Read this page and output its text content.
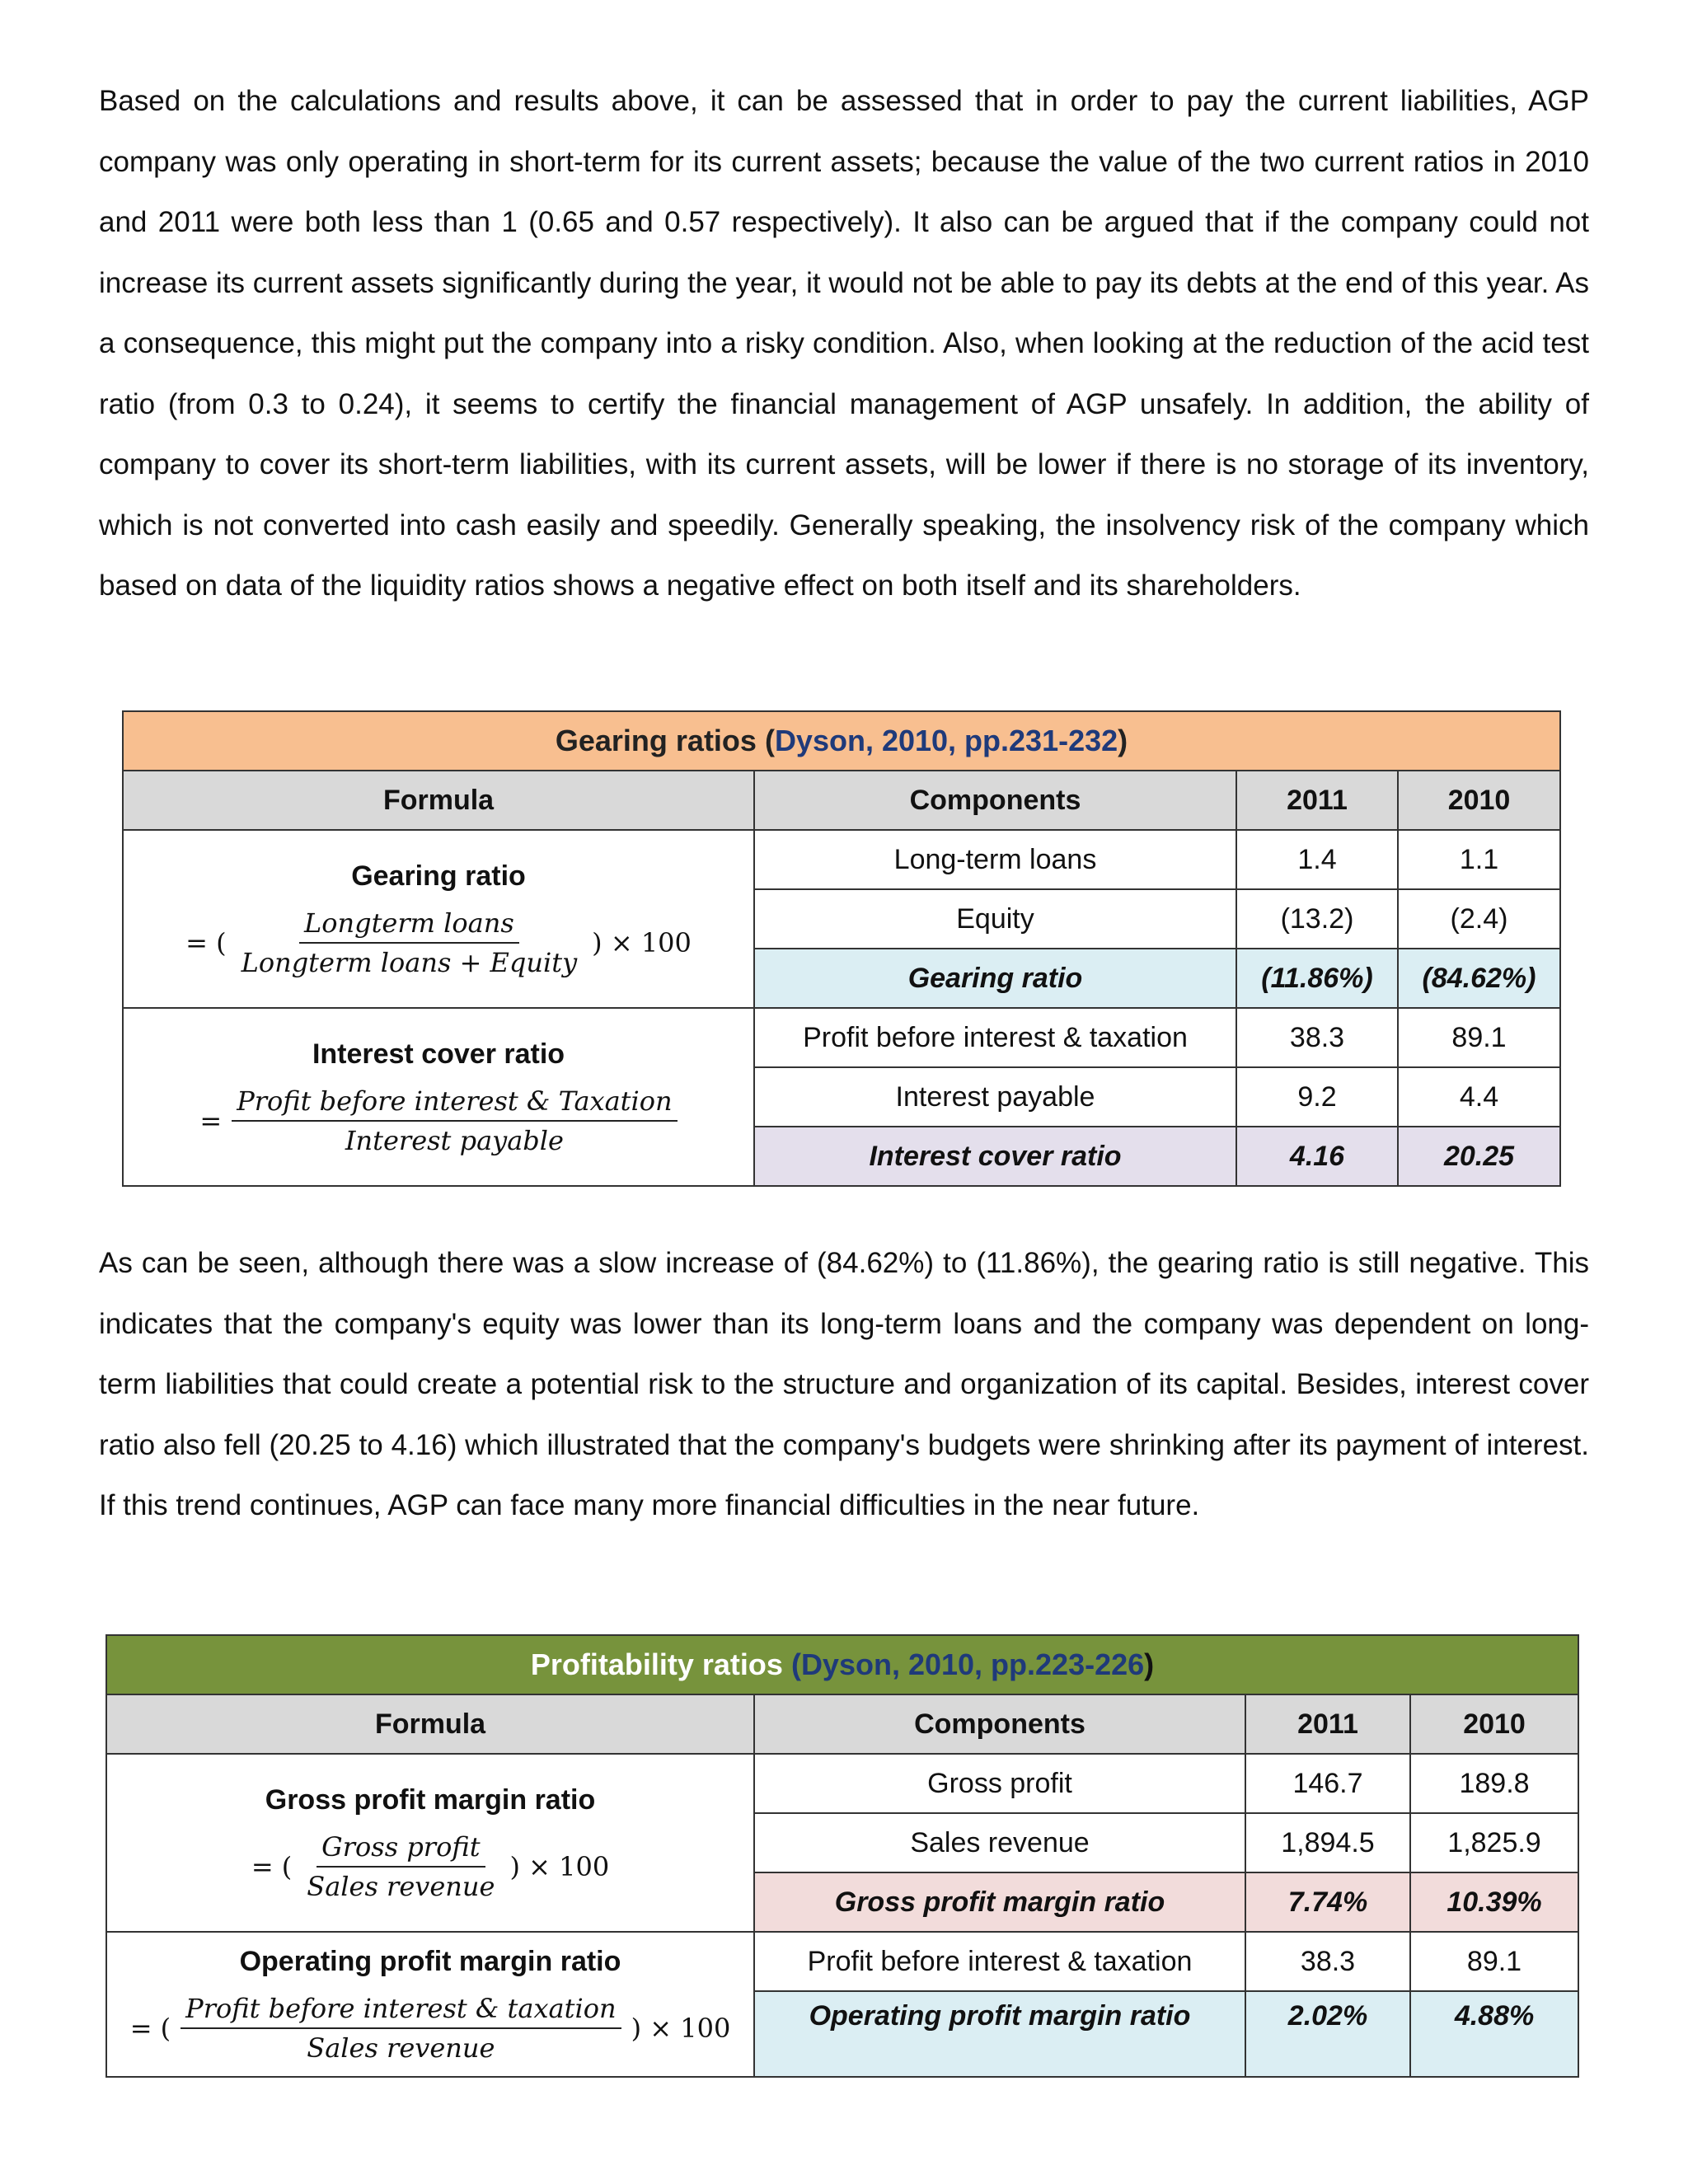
Based on the calculations and results above, it can be assessed that in order to pay the current liabilities, AGP company was only operating in short-term for its current assets; because the value of the two current ratios in 2010 and 2011 were both less than 1 (0.65 and 0.57 respectively). It also can be argued that if the company could not increase its current assets significantly during the year, it would not be able to pay its debts at the end of this year. As a consequence, this might put the company into a risky condition. Also, when looking at the reduction of the acid test ratio (from 0.3 to 0.24), it seems to certify the financial management of AGP unsafely. In addition, the ability of company to cover its short-term liabilities, with its current assets, will be lower if there is no storage of its inventory, which is not converted into cash easily and speedily. Generally speaking, the insolvency risk of the company which based on data of the liquidity ratios shows a negative effect on both itself and its shareholders.

Gearing ratios (Dyson, 2010, pp.231-232)			
Formula	Components	2011	2010

Gearing ratio
= ( $\frac{\text{Longterm loans}}{\text{Longterm loans + Equity}}$ ) × 100	Long-term loans	1.4	1.1
	Equity	(13.2)	(2.4)
	Gearing ratio	(11.86%)	(84.62%)

Interest cover ratio
= $\frac{\text{Profit before interest \& Taxation}}{\text{Interest payable}}$	Profit before interest & taxation	38.3	89.1
	Interest payable	9.2	4.4
	Interest cover ratio	4.16	20.25

As can be seen, although there was a slow increase of (84.62%) to (11.86%), the gearing ratio is still negative. This indicates that the company's equity was lower than its long-term loans and the company was dependent on long-term liabilities that could create a potential risk to the structure and organization of its capital. Besides, interest cover ratio also fell (20.25 to 4.16) which illustrated that the company's budgets were shrinking after its payment of interest. If this trend continues, AGP can face many more financial difficulties in the near future.

Profitability ratios (Dyson, 2010, pp.223-226)			
Formula	Components	2011	2010

Gross profit margin ratio
= ( $\frac{\text{Gross profit}}{\text{Sales revenue}}$ ) × 100	Gross profit	146.7	189.8
	Sales revenue	1,894.5	1,825.9
	Gross profit margin ratio	7.74%	10.39%

Operating profit margin ratio
= ( $\frac{\text{Profit before interest \& taxation}}{\text{Sales revenue}}$ ) × 100	Profit before interest & taxation	38.3	89.1
	Operating profit margin ratio	2.02%	4.88%
